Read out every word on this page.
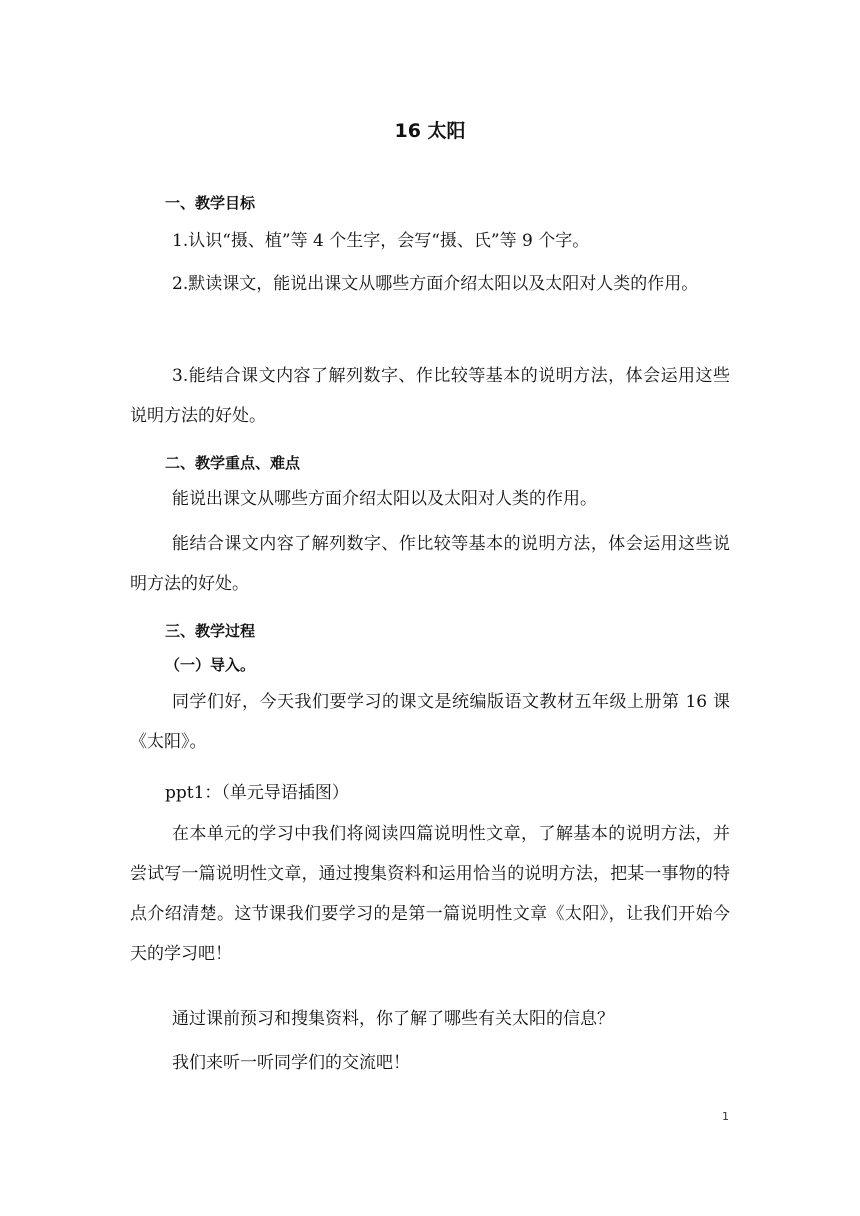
16 太阳
一、教学目标
1.认识“摄、植”等 4 个生字，会写“摄、氏”等 9 个字。
2.默读课文，能说出课文从哪些方面介绍太阳以及太阳对人类的作用。
3.能结合课文内容了解列数字、作比较等基本的说明方法，体会运用这些说明方法的好处。
二、教学重点、难点
能说出课文从哪些方面介绍太阳以及太阳对人类的作用。
能结合课文内容了解列数字、作比较等基本的说明方法，体会运用这些说明方法的好处。
三、教学过程
（一）导入。
同学们好，今天我们要学习的课文是统编版语文教材五年级上册第 16 课《太阳》。
ppt1：（单元导语插图）
在本单元的学习中我们将阅读四篇说明性文章，了解基本的说明方法，并尝试写一篇说明性文章，通过搜集资料和运用恰当的说明方法，把某一事物的特点介绍清楚。这节课我们要学习的是第一篇说明性文章《太阳》，让我们开始今天的学习吧！
通过课前预习和搜集资料，你了解了哪些有关太阳的信息？
我们来听一听同学们的交流吧！
1
